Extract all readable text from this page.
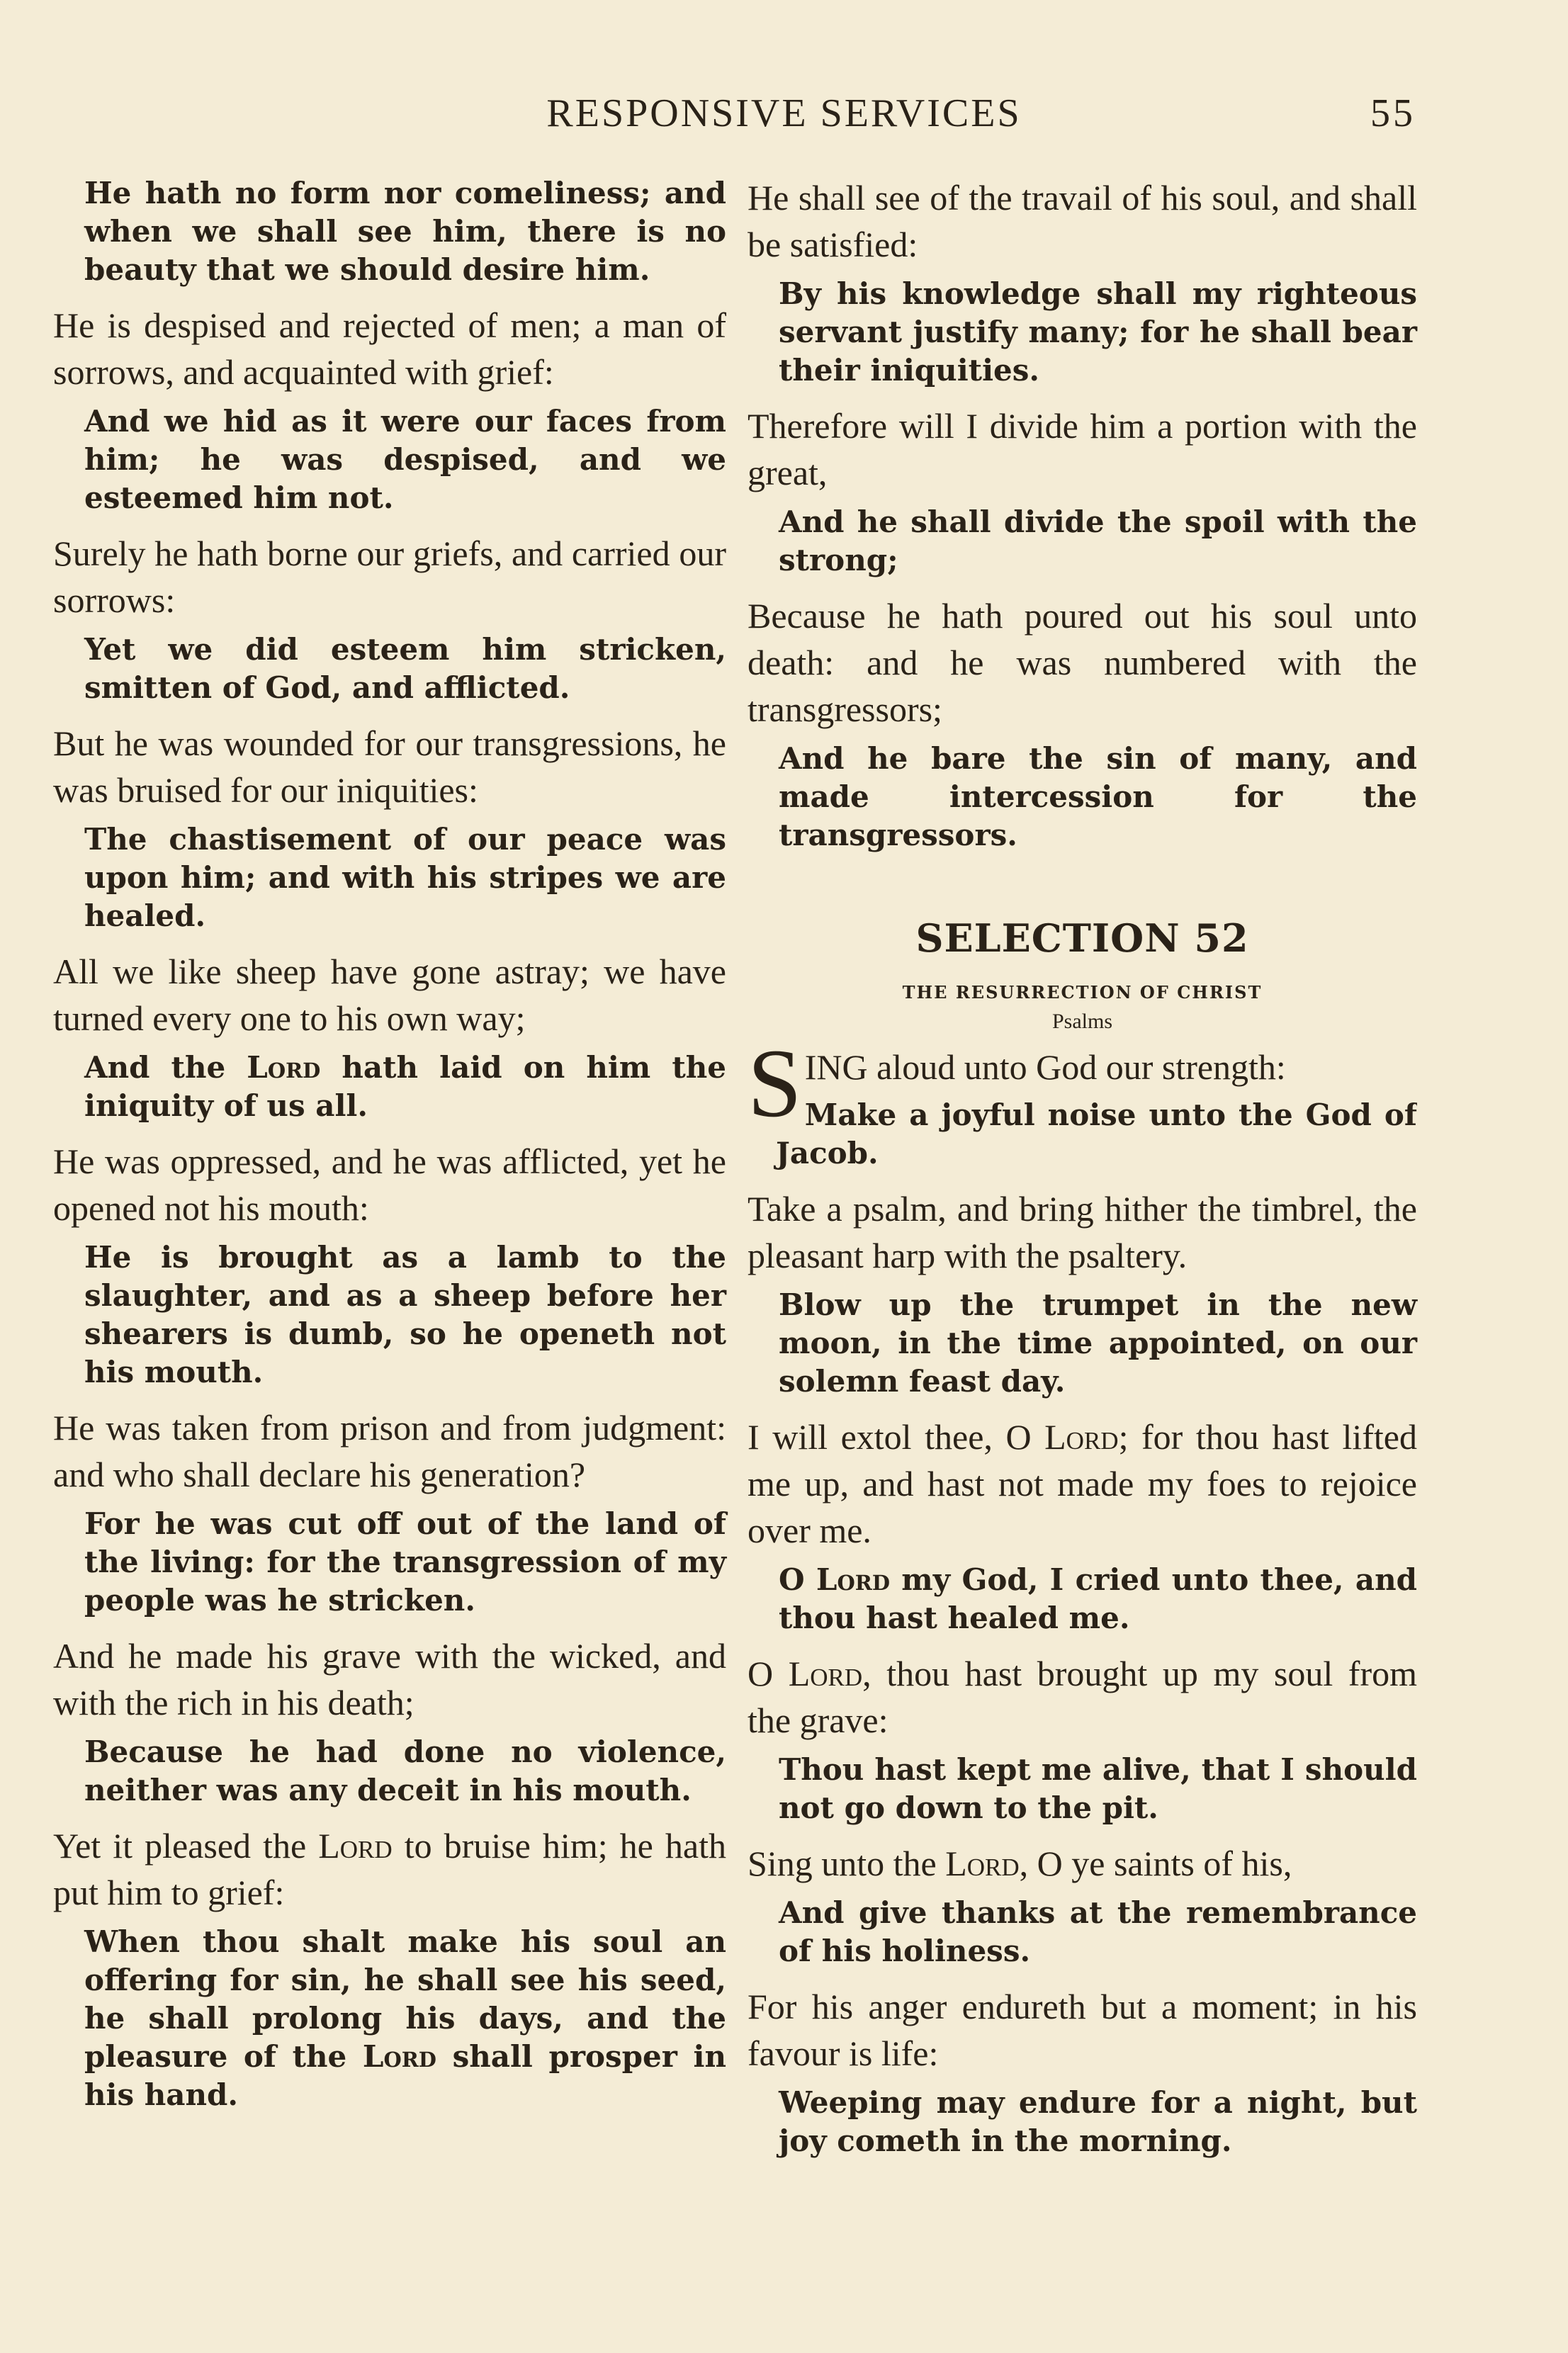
RESPONSIVE SERVICES	55

He hath no form nor comeliness; and when we shall see him, there is no beauty that we should desire him.

He is despised and rejected of men; a man of sorrows, and acquainted with grief:

And we hid as it were our faces from him; he was despised, and we esteemed him not.

Surely he hath borne our griefs, and carried our sorrows:

Yet we did esteem him stricken, smitten of God, and afflicted.

But he was wounded for our transgressions, he was bruised for our iniquities:

The chastisement of our peace was upon him; and with his stripes we are healed.

All we like sheep have gone astray; we have turned every one to his own way;

And the Lord hath laid on him the iniquity of us all.

He was oppressed, and he was afflicted, yet he opened not his mouth:

He is brought as a lamb to the slaughter, and as a sheep before her shearers is dumb, so he openeth not his mouth.

He was taken from prison and from judgment: and who shall declare his generation?

For he was cut off out of the land of the living: for the transgression of my people was he stricken.

And he made his grave with the wicked, and with the rich in his death;

Because he had done no violence, neither was any deceit in his mouth.

Yet it pleased the Lord to bruise him; he hath put him to grief:

When thou shalt make his soul an offering for sin, he shall see his seed, he shall prolong his days, and the pleasure of the Lord shall prosper in his hand.

He shall see of the travail of his soul, and shall be satisfied:

By his knowledge shall my righteous servant justify many; for he shall bear their iniquities.

Therefore will I divide him a portion with the great,

And he shall divide the spoil with the strong;

Because he hath poured out his soul unto death: and he was numbered with the transgressors;

And he bare the sin of many, and made intercession for the transgressors.

SELECTION 52
THE RESURRECTION OF CHRIST
Psalms
S ING aloud unto God our strength:

Make a joyful noise unto the God of Jacob.

Take a psalm, and bring hither the timbrel, the pleasant harp with the psaltery.

Blow up the trumpet in the new moon, in the time appointed, on our solemn feast day.

I will extol thee, O Lord; for thou hast lifted me up, and hast not made my foes to rejoice over me.

O Lord my God, I cried unto thee, and thou hast healed me.

O Lord, thou hast brought up my soul from the grave:

Thou hast kept me alive, that I should not go down to the pit.

Sing unto the Lord, O ye saints of his,

And give thanks at the remembrance of his holiness.

For his anger endureth but a moment; in his favour is life:

Weeping may endure for a night, but joy cometh in the morning.
